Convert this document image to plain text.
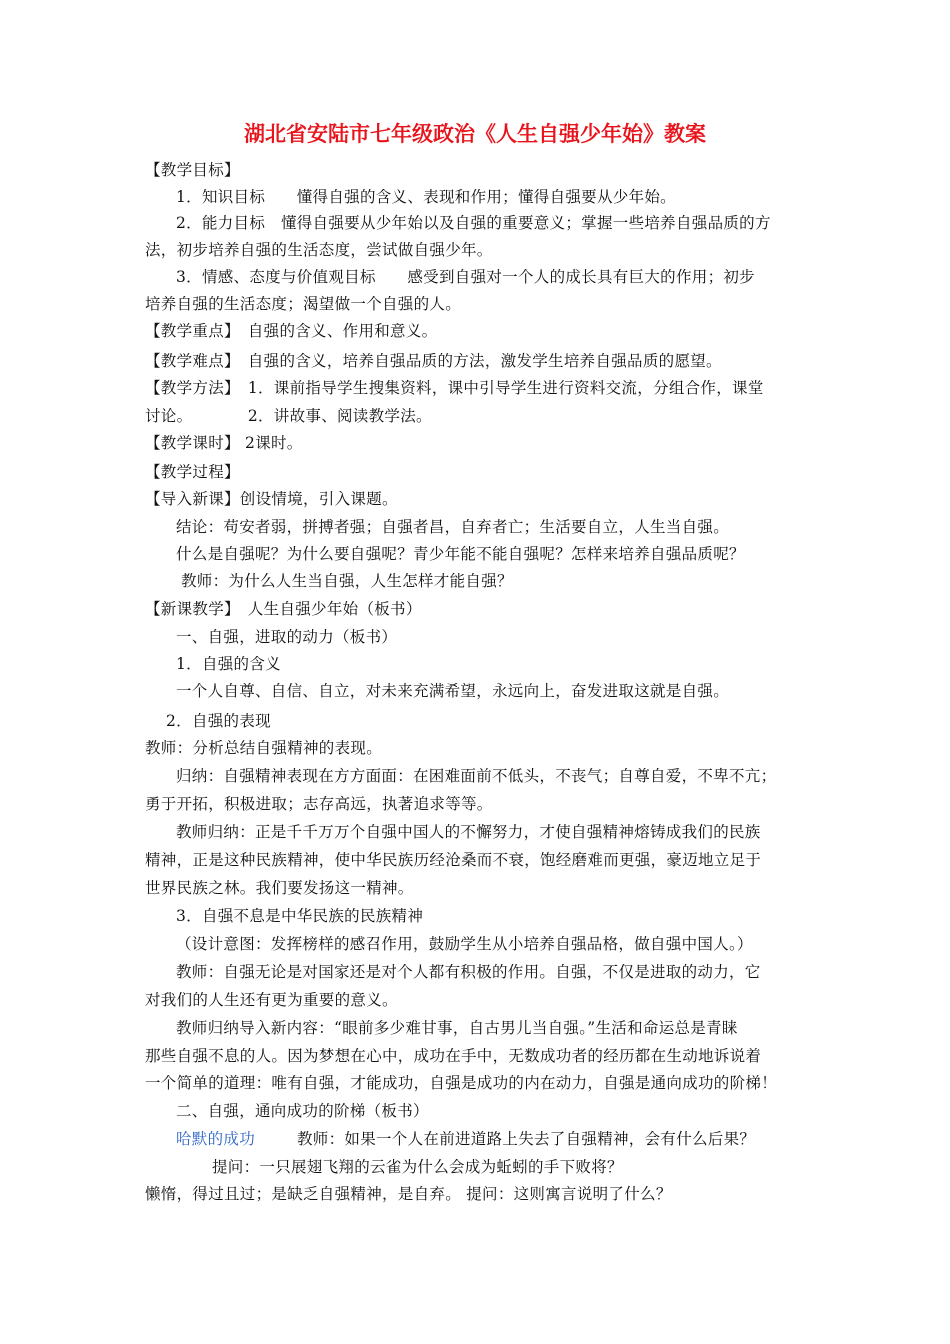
湖北省安陆市七年级政治《人生自强少年始》教案
【教学目标】
1．知识目标　　懂得自强的含义、表现和作用；懂得自强要从少年始。
2．能力目标　懂得自强要从少年始以及自强的重要意义；掌握一些培养自强品质的方
法，初步培养自强的生活态度，尝试做自强少年。
3．情感、态度与价值观目标　　感受到自强对一个人的成长具有巨大的作用；初步
培养自强的生活态度；渴望做一个自强的人。
【教学重点】　自强的含义、作用和意义。
【教学难点】　自强的含义，培养自强品质的方法，激发学生培养自强品质的愿望。
【教学方法】　1．课前指导学生搜集资料，课中引导学生进行资料交流，分组合作，课堂
讨论。　　　　2．讲故事、阅读教学法。
【教学课时】 2课时。
【教学过程】
【导入新课】创设情境，引入课题。
结论：苟安者弱，拼搏者强；自强者昌，自弃者亡；生活要自立，人生当自强。
什么是自强呢？为什么要自强呢？青少年能不能自强呢？怎样来培养自强品质呢？
教师：为什么人生当自强，人生怎样才能自强？
【新课教学】　人生自强少年始（板书）
一、自强，进取的动力（板书）
1．自强的含义
一个人自尊、自信、自立，对未来充满希望，永远向上，奋发进取这就是自强。
2．自强的表现
教师：分析总结自强精神的表现。
归纳：自强精神表现在方方面面：在困难面前不低头，不丧气；自尊自爱，不卑不亢；
勇于开拓，积极进取；志存高远，执著追求等等。
教师归纳：正是千千万万个自强中国人的不懈努力，才使自强精神熔铸成我们的民族
精神，正是这种民族精神，使中华民族历经沧桑而不衰，饱经磨难而更强，豪迈地立足于
世界民族之林。我们要发扬这一精神。
3．自强不息是中华民族的民族精神
（设计意图：发挥榜样的感召作用，鼓励学生从小培养自强品格，做自强中国人。）
教师：自强无论是对国家还是对个人都有积极的作用。自强，不仅是进取的动力，它
对我们的人生还有更为重要的意义。
教师归纳导入新内容：“眼前多少难甘事，自古男儿当自强。”生活和命运总是青睐
那些自强不息的人。因为梦想在心中，成功在手中，无数成功者的经历都在生动地诉说着
一个简单的道理：唯有自强，才能成功，自强是成功的内在动力，自强是通向成功的阶梯！
二、自强，通向成功的阶梯（板书）
哈默的成功	教师：如果一个人在前进道路上失去了自强精神，会有什么后果？
提问：一只展翅飞翔的云雀为什么会成为蚯蚓的手下败将？
懒惰，得过且过；是缺乏自强精神，是自弃。 提问：这则寓言说明了什么？
